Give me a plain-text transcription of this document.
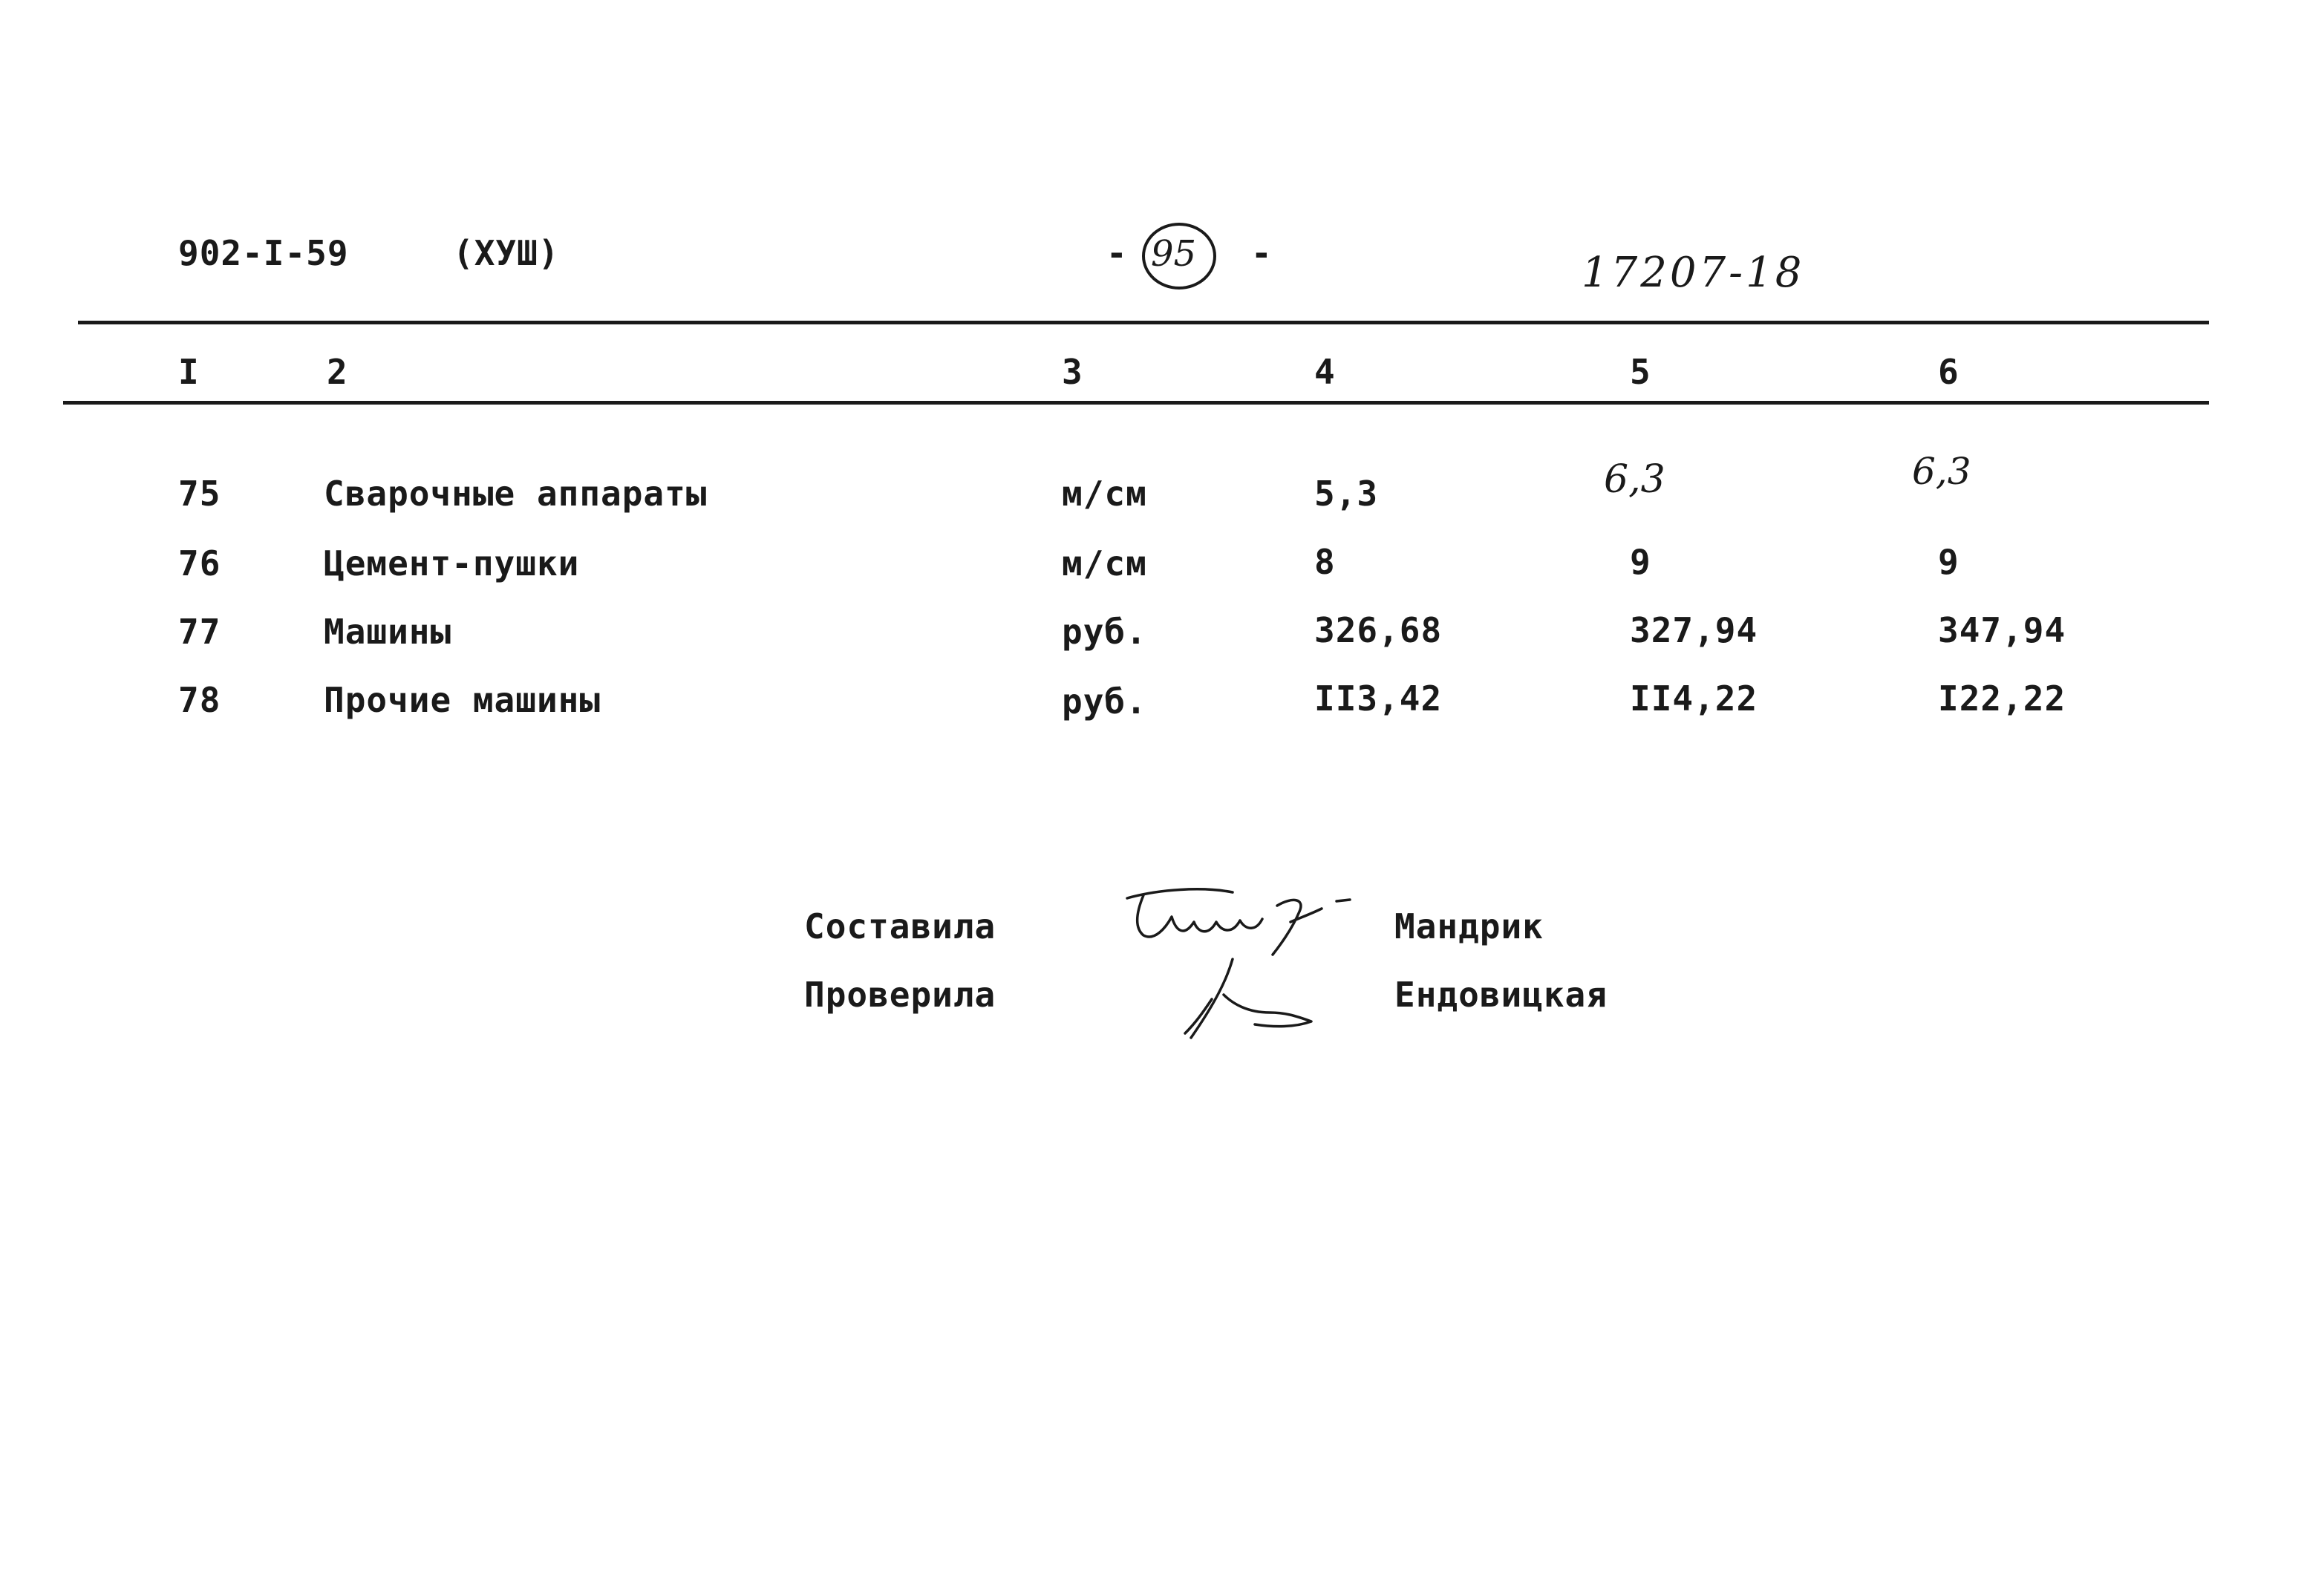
902-I-59	(ХУШ)	- 95 -	17207-18
I	2	3	4	5	6
75	Сварочные аппараты	м/см	5,3	6,3	6,3
76	Цемент-пушки	м/см	8	9	9
77	Машины	руб.	326,68	327,94	347,94
78	Прочие машины	руб.	II3,42	II4,22	I22,22
Составила	Мандрик
Проверила	Ендовицкая
